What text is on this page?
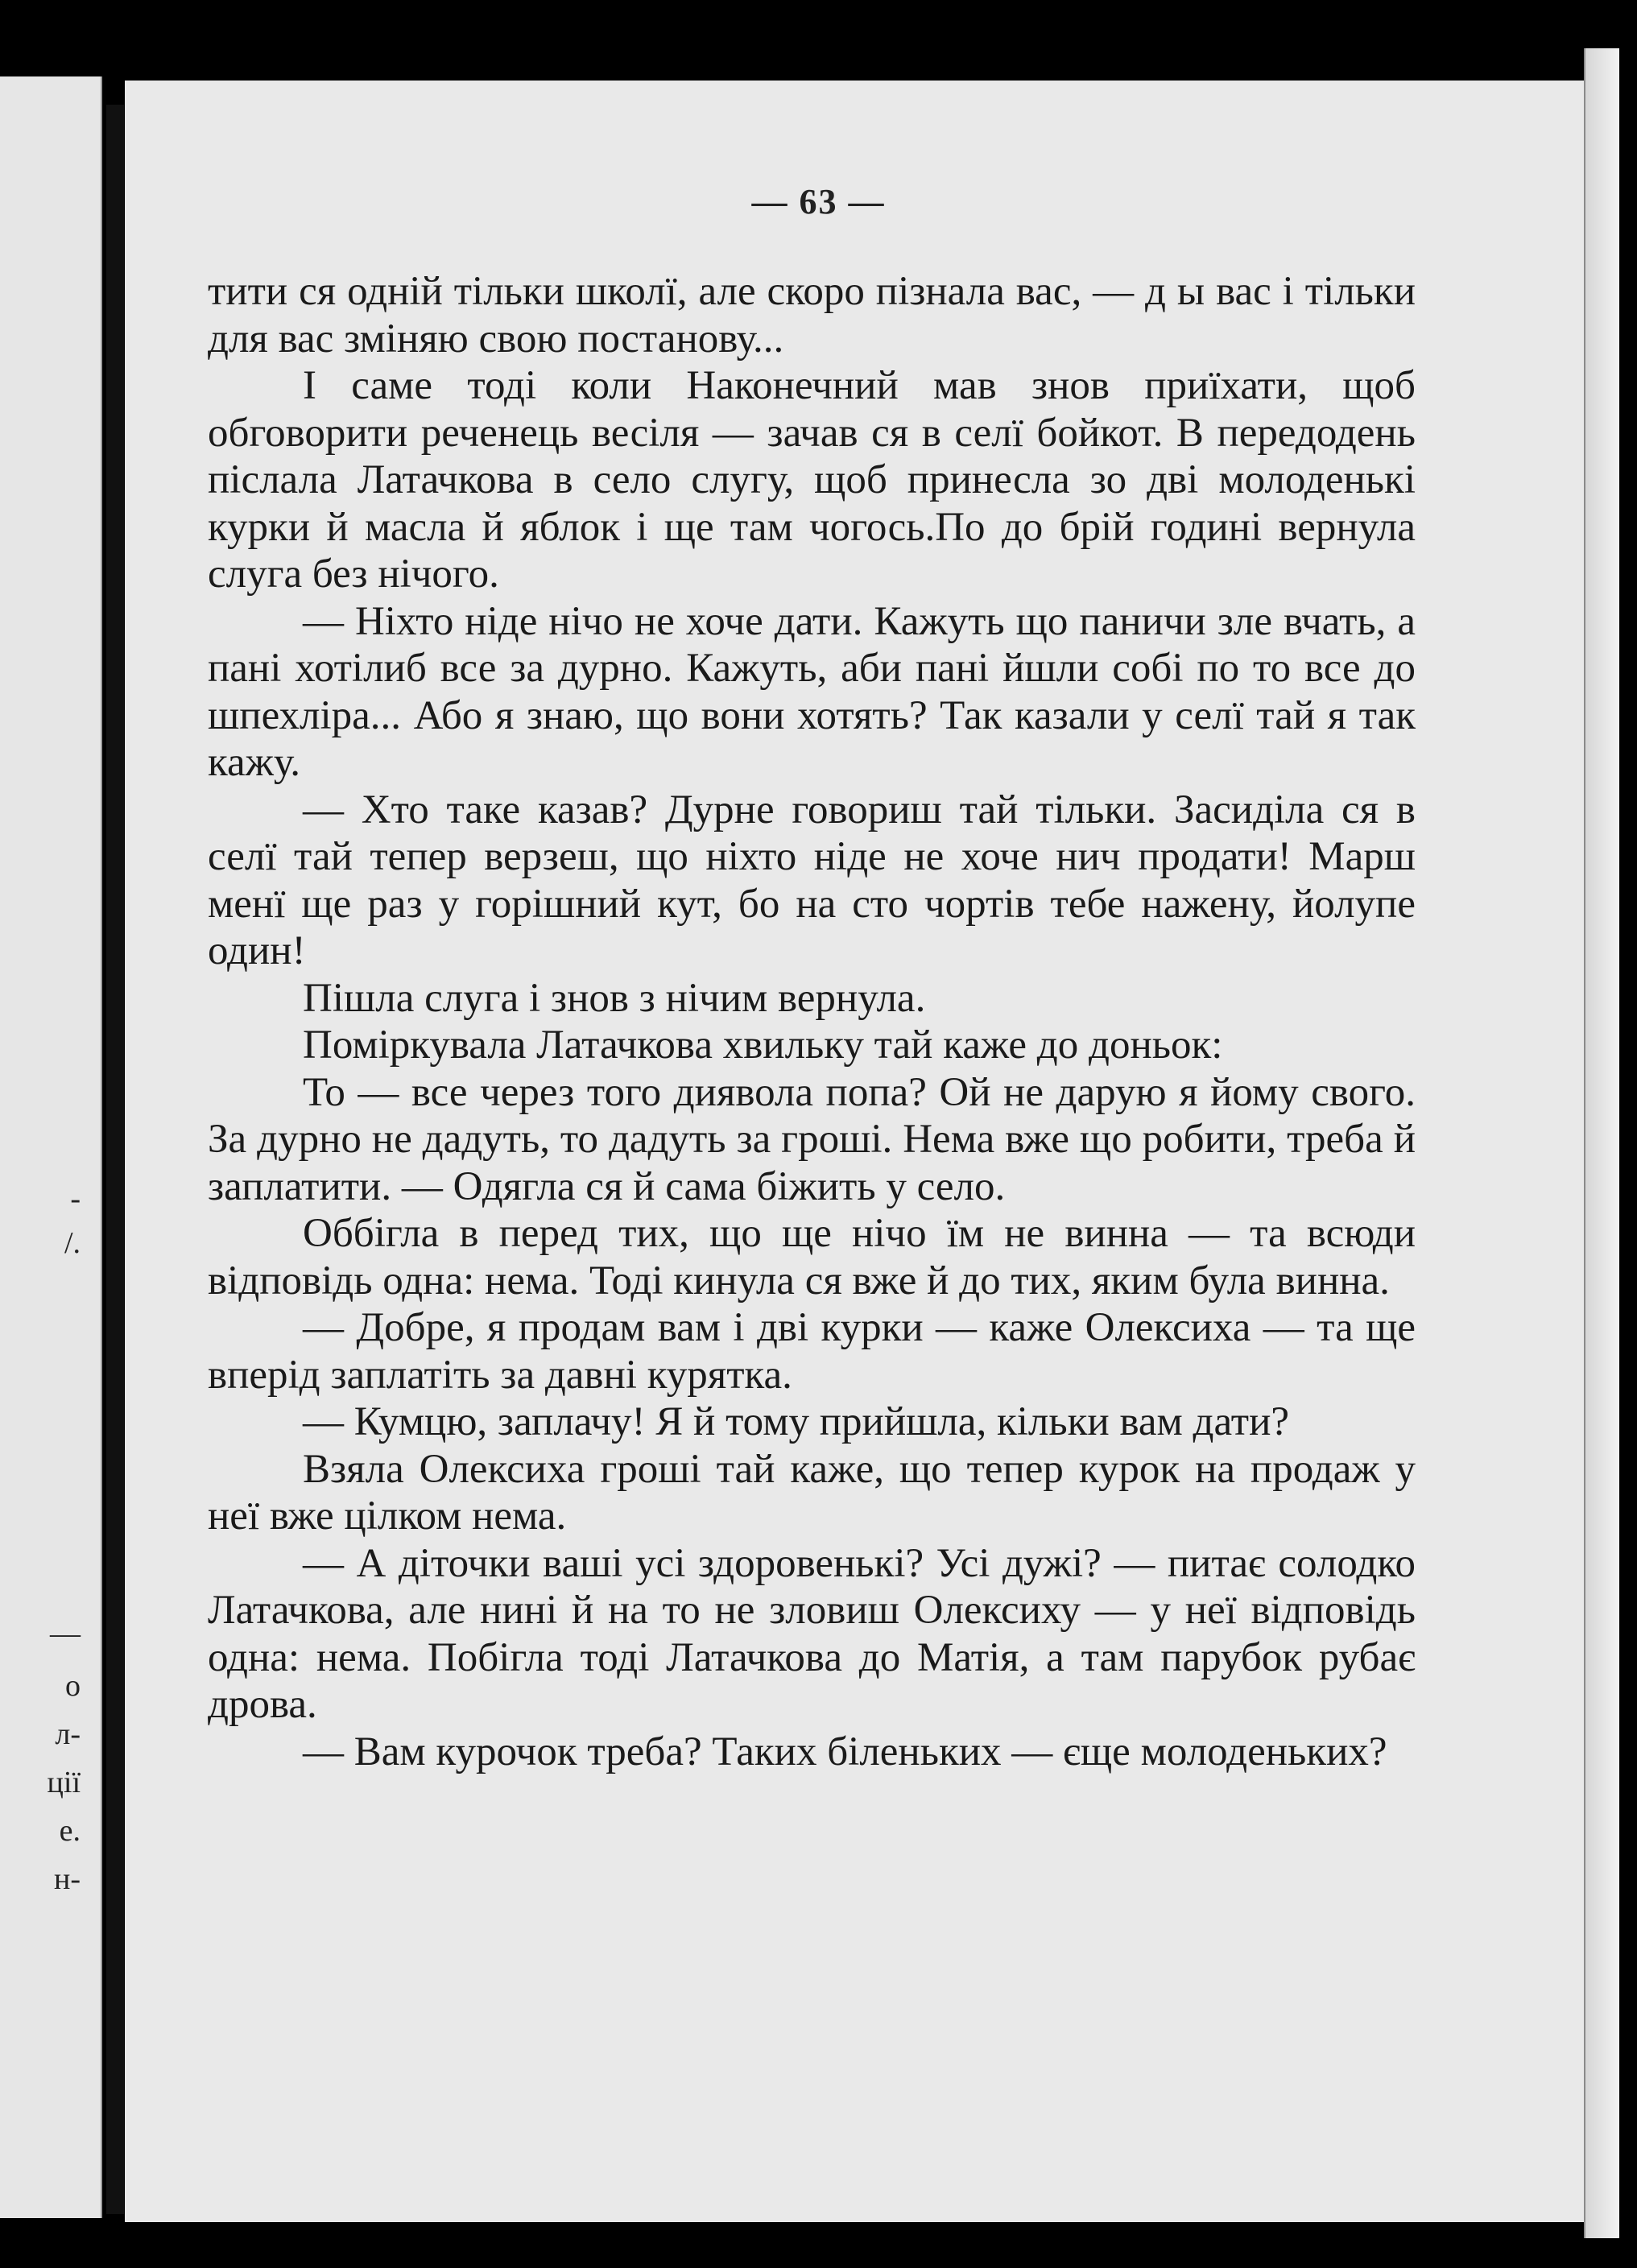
-
/.
—
о
л-
ції
е.
н-
— 63 —

тити ся одній тільки школї, але скоро пізнала вас, — д ы вас і тільки для вас зміняю свою постанову...

І саме тоді коли Наконечний мав знов приїхати, щоб обговорити реченець весіля — зачав ся в селї бойкот. В передодень післала Латачкова в село слугу, щоб принесла зо дві молоденькі курки й масла й яблок і ще там чогось.По до брій годині вернула слуга без нічого.

— Ніхто ніде нічо не хоче дати. Кажуть що паничи зле вчать, а пані хотілиб все за дурно. Кажуть, аби пані йшли собі по то все до шпехліра... Або я знаю, що вони хотять? Так казали у селї тай я так кажу.

— Хто таке казав? Дурне говориш тай тільки. Засиділа ся в селї тай тепер верзеш, що ніхто ніде не хоче нич продати! Марш менї ще раз у горішний кут, бо на сто чортів тебе нажену, йолупе один!

Пішла слуга і знов з нічим вернула.

Поміркувала Латачкова хвильку тай каже до доньок:

То — все через того диявола попа? Ой не дарую я йому свого. За дурно не дадуть, то дадуть за гроші. Нема вже що робити, треба й заплатити. — Одягла ся й сама біжить у село.

Оббігла в перед тих, що ще нічо їм не винна — та всюди відповідь одна: нема. Тоді кинула ся вже й до тих, яким була винна.

— Добре, я продам вам і дві курки — каже Олексиха — та ще вперід заплатіть за давні курятка.

— Кумцю, заплачу! Я й тому прийшла, кільки вам дати?

Взяла Олексиха гроші тай каже, що тепер курок на продаж у неї вже цілком нема.

— А діточки ваші усі здоровенькі? Усі дужі? — питає солодко Латачкова, але нині й на то не зловиш Олексиху — у неї відповідь одна: нема. Побігла тоді Латачкова до Матія, а там парубок рубає дрова.

— Вам курочок треба? Таких біленьких — єще молоденьких?
